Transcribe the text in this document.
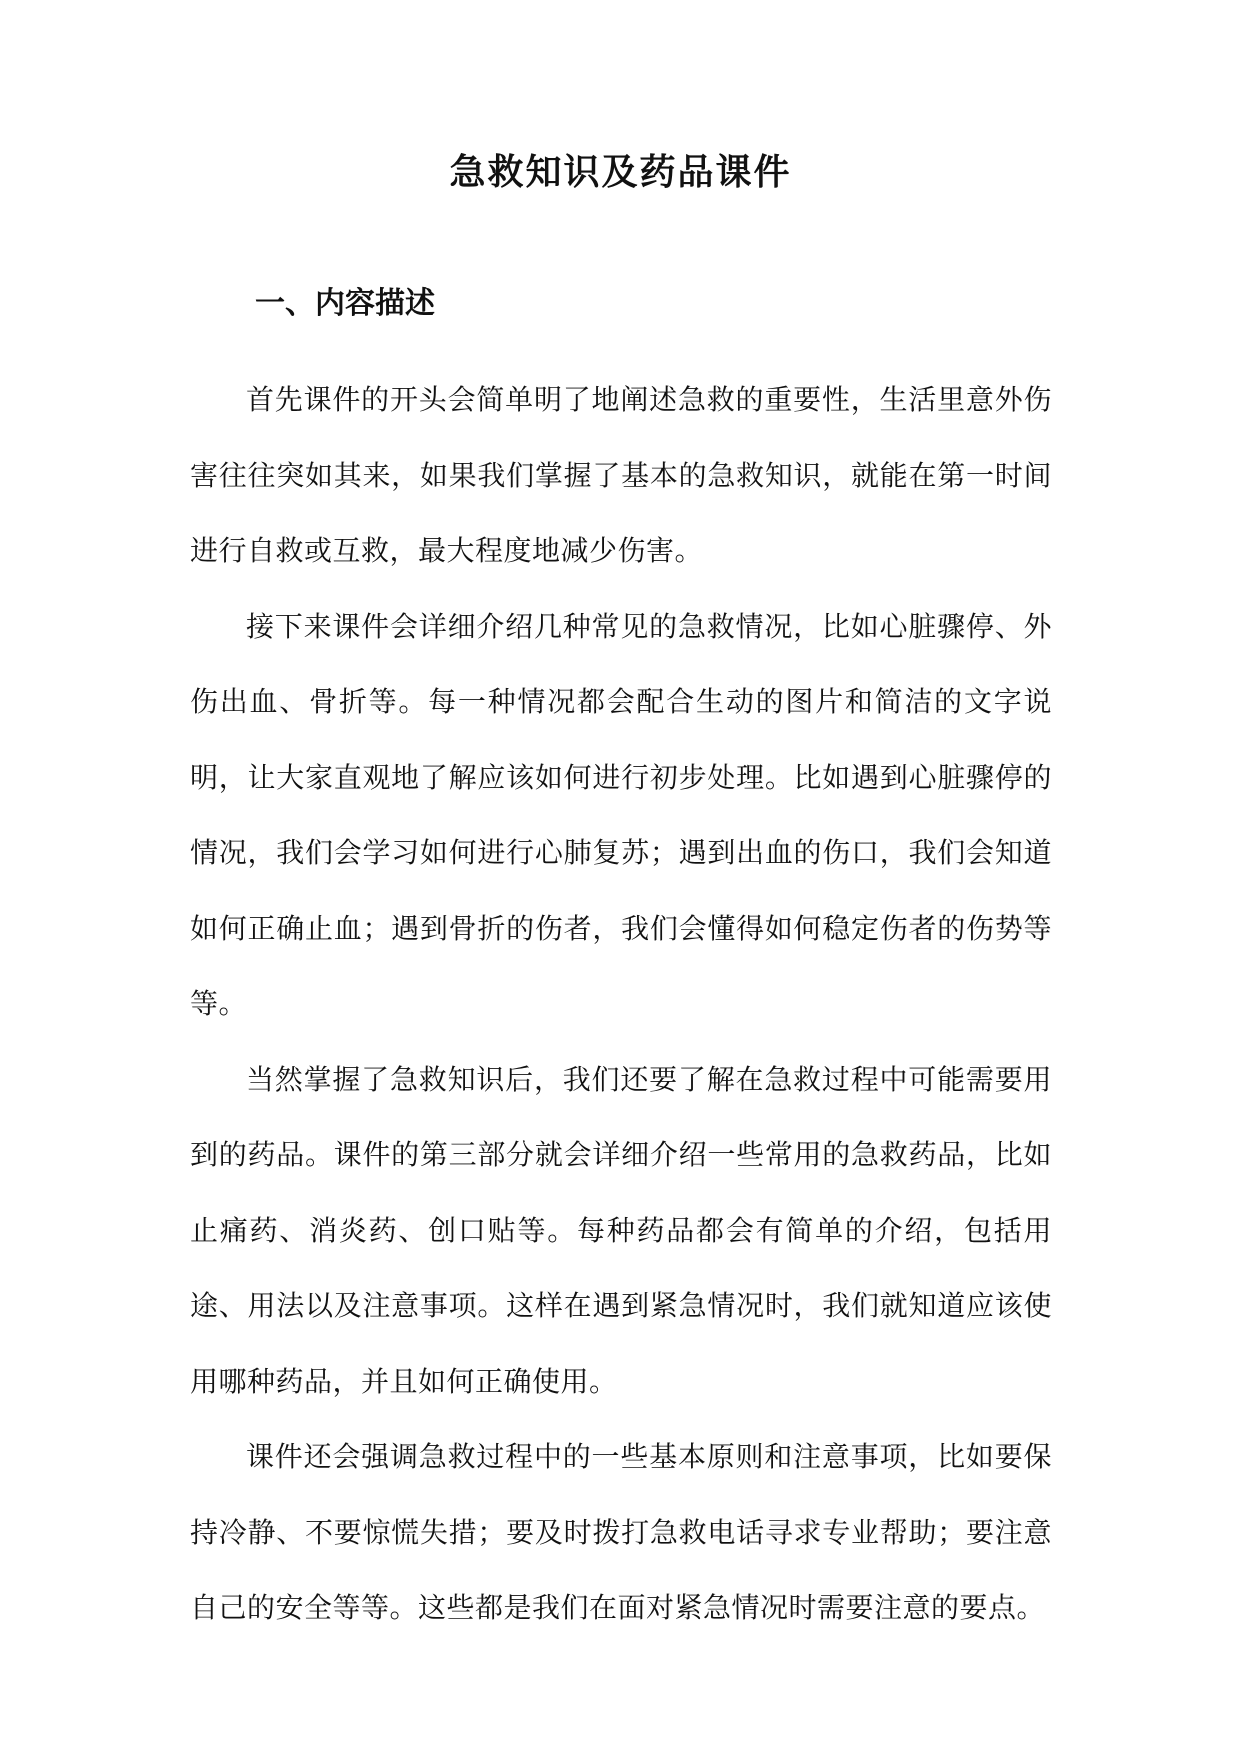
急救知识及药品课件
一、内容描述

首先课件的开头会简单明了地阐述急救的重要性，生活里意外伤害往往突如其来，如果我们掌握了基本的急救知识，就能在第一时间进行自救或互救，最大程度地减少伤害。

接下来课件会详细介绍几种常见的急救情况，比如心脏骤停、外伤出血、骨折等。每一种情况都会配合生动的图片和简洁的文字说明，让大家直观地了解应该如何进行初步处理。比如遇到心脏骤停的情况，我们会学习如何进行心肺复苏；遇到出血的伤口，我们会知道如何正确止血；遇到骨折的伤者，我们会懂得如何稳定伤者的伤势等等。

当然掌握了急救知识后，我们还要了解在急救过程中可能需要用到的药品。课件的第三部分就会详细介绍一些常用的急救药品，比如止痛药、消炎药、创口贴等。每种药品都会有简单的介绍，包括用途、用法以及注意事项。这样在遇到紧急情况时，我们就知道应该使用哪种药品，并且如何正确使用。

课件还会强调急救过程中的一些基本原则和注意事项，比如要保持冷静、不要惊慌失措；要及时拨打急救电话寻求专业帮助；要注意自己的安全等等。这些都是我们在面对紧急情况时需要注意的要点。
